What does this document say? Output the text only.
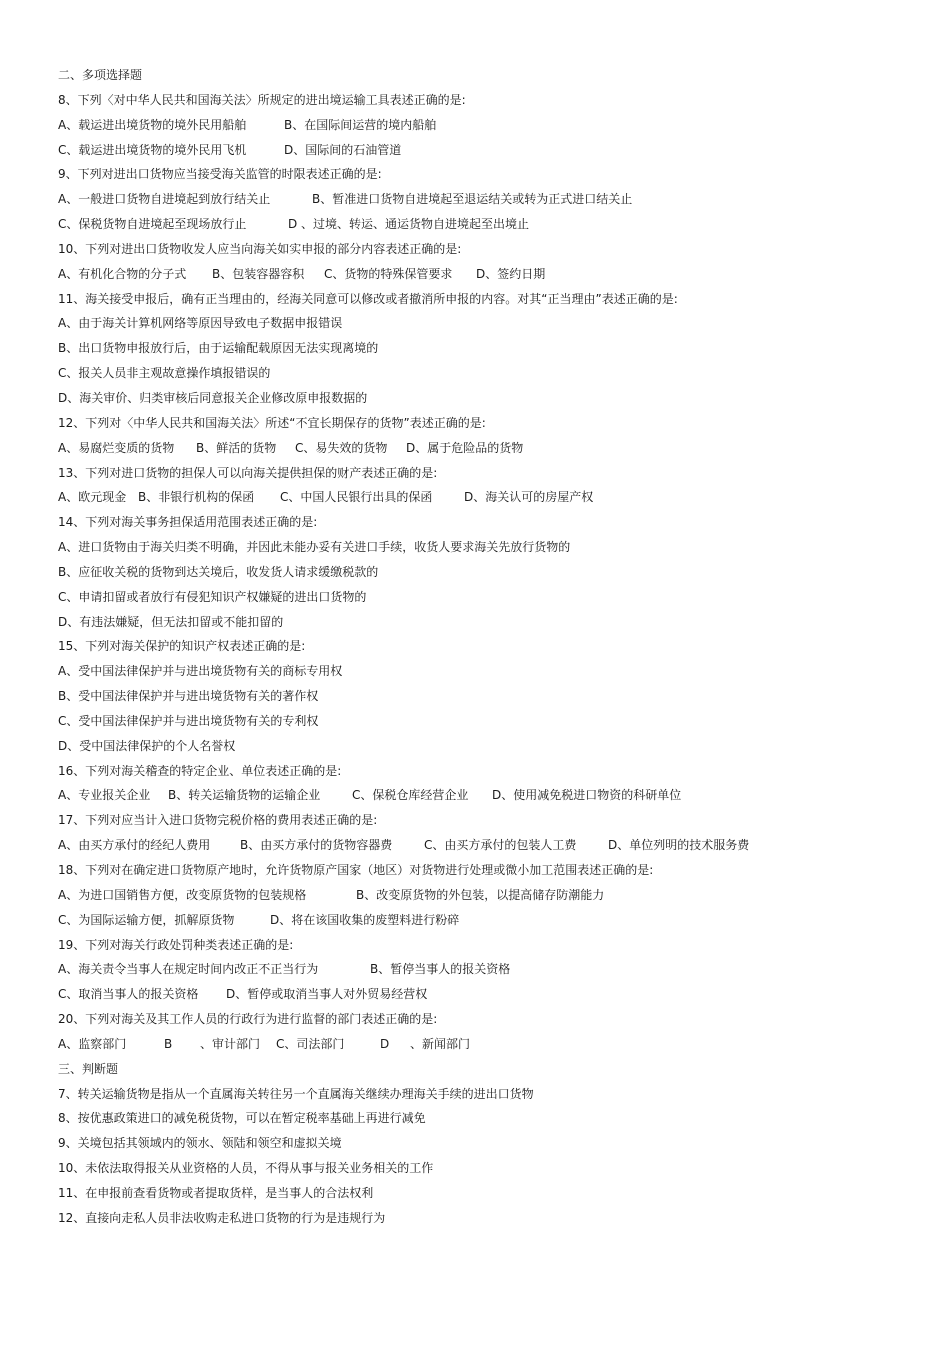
二、多项选择题
8、下列〈对中华人民共和国海关法〉所规定的进出境运输工具表述正确的是:
A、载运进出境货物的境外民用船舶	B、在国际间运营的境内船舶
C、载运进出境货物的境外民用飞机	D、国际间的石油管道
9、下列对进出口货物应当接受海关监管的时限表述正确的是:
A、一般进口货物自进境起到放行结关止	B、暂准进口货物自进境起至退运结关或转为正式进口结关止
C、保税货物自进境起至现场放行止	D 、过境、转运、通运货物自进境起至出境止
10、下列对进出口货物收发人应当向海关如实申报的部分内容表述正确的是:
A、有机化合物的分子式 B、包装容器容积 C、货物的特殊保管要求 D、签约日期
11、海关接受申报后，确有正当理由的，经海关同意可以修改或者撤消所申报的内容。对其“正当理由”表述正确的是:
A、由于海关计算机网络等原因导致电子数据申报错误
B、出口货物申报放行后，由于运输配载原因无法实现离境的
C、报关人员非主观故意操作填报错误的
D、海关审价、归类审核后同意报关企业修改原申报数据的
12、下列对〈中华人民共和国海关法〉所述“不宜长期保存的货物”表述正确的是:
A、易腐烂变质的货物 B、鲜活的货物 C、易失效的货物 D、属于危险品的货物
13、下列对进口货物的担保人可以向海关提供担保的财产表述正确的是:
A、欧元现金 B、非银行机构的保函 C、中国人民银行出具的保函	D、海关认可的房屋产权
14、下列对海关事务担保适用范围表述正确的是:
A、进口货物由于海关归类不明确，并因此未能办妥有关进口手续，收货人要求海关先放行货物的
B、应征收关税的货物到达关境后，收发货人请求缓缴税款的
C、申请扣留或者放行有侵犯知识产权嫌疑的进出口货物的
D、有违法嫌疑，但无法扣留或不能扣留的
15、下列对海关保护的知识产权表述正确的是:
A、受中国法律保护并与进出境货物有关的商标专用权
B、受中国法律保护并与进出境货物有关的著作权
C、受中国法律保护并与进出境货物有关的专利权
D、受中国法律保护的个人名誉权
16、下列对海关稽查的特定企业、单位表述正确的是:
A、专业报关企业 B、转关运输货物的运输企业	C、保税仓库经营企业 D、使用减免税进口物资的科研单位
17、下列对应当计入进口货物完税价格的费用表述正确的是:
A、由买方承付的经纪人费用 B、由买方承付的货物容器费	C、由买方承付的包装人工费	D、单位列明的技术服务费
18、下列对在确定进口货物原产地时，允许货物原产国家（地区）对货物进行处理或微小加工范围表述正确的是:
A、为进口国销售方便，改变原货物的包装规格	B、改变原货物的外包装，以提高储存防潮能力
C、为国际运输方便，抓解原货物	D、将在该国收集的废塑料进行粉碎
19、下列对海关行政处罚种类表述正确的是:
A、海关责令当事人在规定时间内改正不正当行为	B、暂停当事人的报关资格
C、取消当事人的报关资格 D、暂停或取消当事人对外贸易经营权
20、下列对海关及其工作人员的行政行为进行监督的部门表述正确的是:
A、监察部门	B 、审计部门 C、司法部门	D 、新闻部门
三、判断题
7、转关运输货物是指从一个直属海关转往另一个直属海关继续办理海关手续的进出口货物
8、按优惠政策进口的减免税货物，可以在暂定税率基础上再进行减免
9、关境包括其领域内的领水、领陆和领空和虚拟关境
10、未依法取得报关从业资格的人员，不得从事与报关业务相关的工作
11、在申报前查看货物或者提取货样，是当事人的合法权利
12、直接向走私人员非法收购走私进口货物的行为是违规行为
